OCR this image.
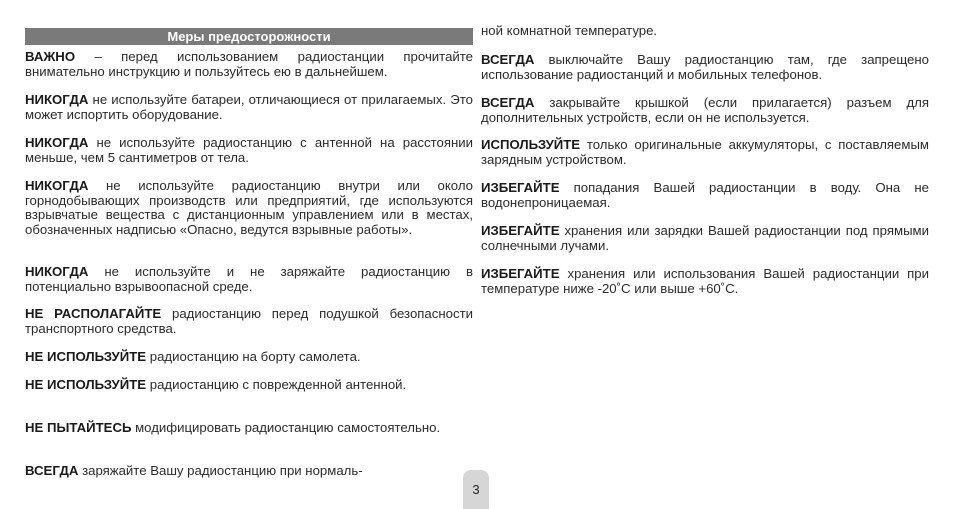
Меры предосторожности

ВАЖНО – перед использованием радиостанции прочитайте внимательно инструкцию и пользуйтесь ею в дальнейшем.

НИКОГДА не используйте батареи, отличающиеся от прилагаемых. Это может испортить оборудование.

НИКОГДА не используйте радиостанцию с антенной на расстоянии меньше, чем 5 сантиметров от тела.

НИКОГДА не используйте радиостанцию внутри или около горнодобывающих производств или предприятий, где используются взрывчатые вещества с дистанционным управлением или в местах, обозначенных надписью «Опасно, ведутся взрывные работы».

НИКОГДА не используйте и не заряжайте радиостанцию в потенциально взрывоопасной среде.

НЕ РАСПОЛАГАЙТЕ радиостанцию перед подушкой безопасности транспортного средства.

НЕ ИСПОЛЬЗУЙТЕ радиостанцию на борту самолета.

НЕ ИСПОЛЬЗУЙТЕ радиостанцию с поврежденной антенной.

НЕ ПЫТАЙТЕСЬ модифицировать радиостанцию самостоятельно.

ВСЕГДА заряжайте Вашу радиостанцию при нормаль-

ной комнатной температуре.

ВСЕГДА выключайте Вашу радиостанцию там, где запрещено использование радиостанций и мобильных телефонов.

ВСЕГДА закрывайте крышкой (если прилагается) разъем для дополнительных устройств, если он не используется.

ИСПОЛЬЗУЙТЕ только оригинальные аккумуляторы, с поставляемым зарядным устройством.

ИЗБЕГАЙТЕ попадания Вашей радиостанции в воду. Она не водонепроницаемая.

ИЗБЕГАЙТЕ хранения или зарядки Вашей радиостанции под прямыми солнечными лучами.

ИЗБЕГАЙТЕ хранения или использования Вашей радиостанции при температуре ниже -20˚С или выше +60˚С.

3
